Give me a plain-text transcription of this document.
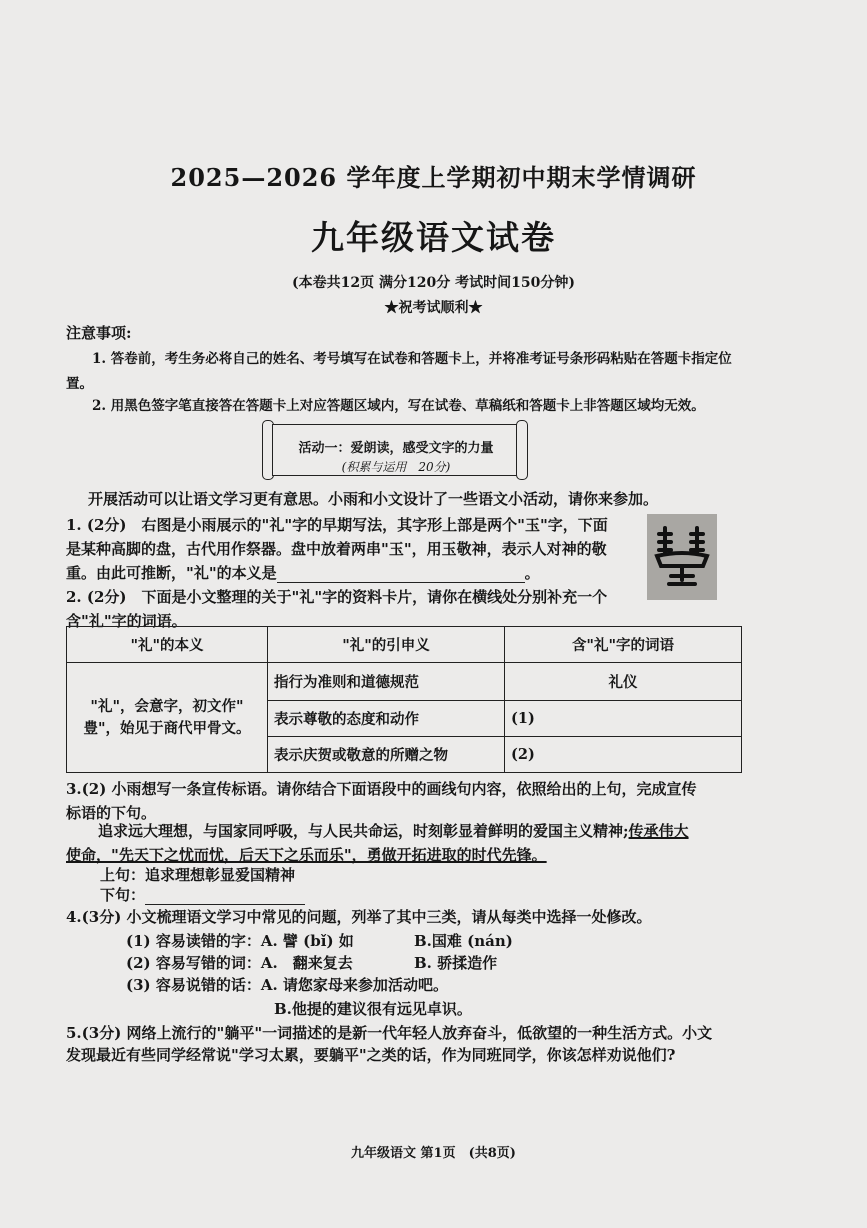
2025—2026 学年度上学期初中期末学情调研
九年级语文试卷
(本卷共12页 满分120分 考试时间150分钟)
★祝考试顺利★
注意事项:
1. 答卷前，考生务必将自己的姓名、考号填写在试卷和答题卡上，并将准考证号条形码粘贴在答题卡指定位
置。
2. 用黑色签字笔直接答在答题卡上对应答题区域内，写在试卷、草稿纸和答题卡上非答题区域均无效。
活动一：爱朗读，感受文字的力量
(积累与运用　20分)
开展活动可以让语文学习更有意思。小雨和小文设计了一些语文小活动，请你来参加。
1. (2分)　右图是小雨展示的"礼"字的早期写法，其字形上部是两个"玉"字，下面
是某种高脚的盘，古代用作祭器。盘中放着两串"玉"，用玉敬神，表示人对神的敬
重。由此可推断，"礼"的本义是	。
2. (2分)　下面是小文整理的关于"礼"字的资料卡片，请你在横线处分别补充一个
含"礼"字的词语。
"礼"的本义	"礼"的引申义	含"礼"字的词语

"礼"，会意字，初文作"
豊"，始见于商代甲骨文。	指行为准则和道德规范	礼仪
	表示尊敬的态度和动作	(1)
	表示庆贺或敬意的所赠之物	(2)
3.(2) 小雨想写一条宣传标语。请你结合下面语段中的画线句内容，依照给出的上句，完成宣传
标语的下句。
追求远大理想，与国家同呼吸，与人民共命运，时刻彰显着鲜明的爱国主义精神;传承伟大
使命，"先天下之忧而忧，后天下之乐而乐"，勇做开拓进取的时代先锋。
上句：追求理想彰显爱国精神
下句：
4.(3分) 小文梳理语文学习中常见的问题，列举了其中三类，请从每类中选择一处修改。
(1) 容易读错的字：A. 譬 (bǐ) 如	B.国难 (nán)
(2) 容易写错的词：A.　翻来复去	B. 骄揉造作
(3) 容易说错的话：A. 请您家母来参加活动吧。
B.他提的建议很有远见卓识。
5.(3分) 网络上流行的"躺平"一词描述的是新一代年轻人放弃奋斗，低欲望的一种生活方式。小文
发现最近有些同学经常说"学习太累，要躺平"之类的话，作为同班同学，你该怎样劝说他们?
九年级语文 第1页　(共8页)
